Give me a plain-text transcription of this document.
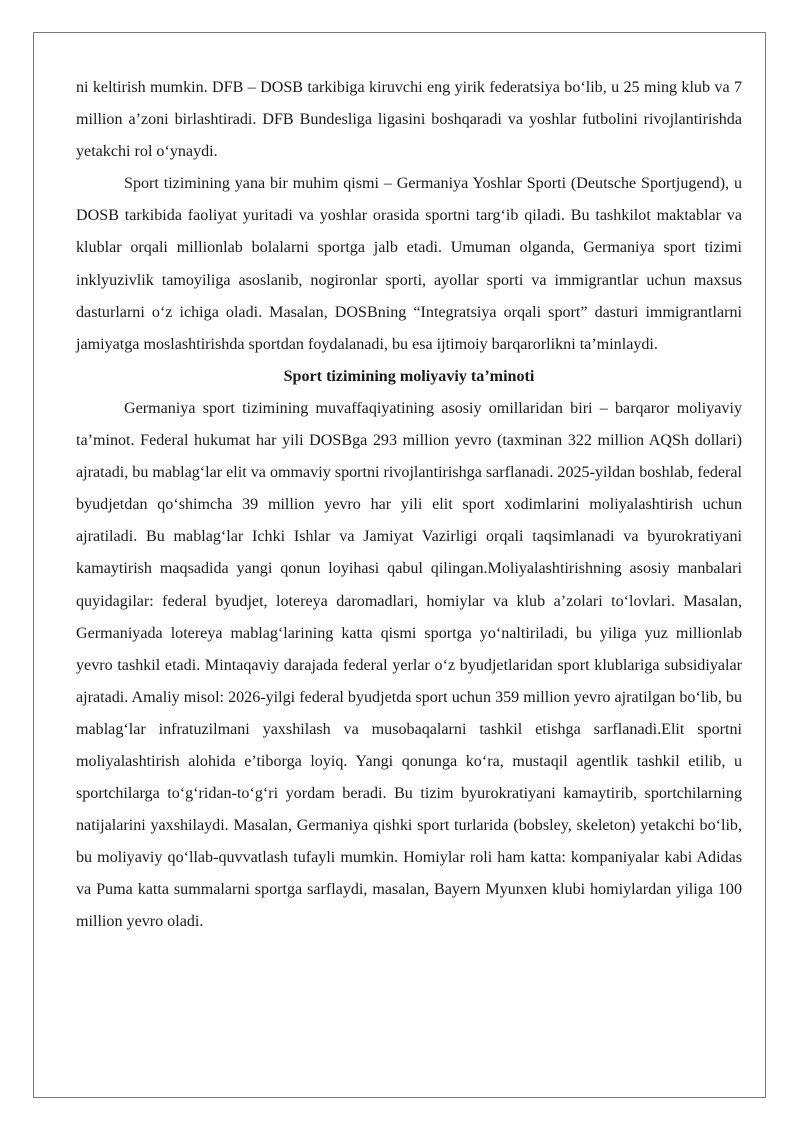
ni keltirish mumkin. DFB – DOSB tarkibiga kiruvchi eng yirik federatsiya bo‘lib, u 25 ming klub va 7 million a’zoni birlashtiradi. DFB Bundesliga ligasini boshqaradi va yoshlar futbolini rivojlantirishda yetakchi rol o‘ynaydi.

Sport tizimining yana bir muhim qismi – Germaniya Yoshlar Sporti (Deutsche Sportjugend), u DOSB tarkibida faoliyat yuritadi va yoshlar orasida sportni targ‘ib qiladi. Bu tashkilot maktablar va klublar orqali millionlab bolalarni sportga jalb etadi. Umuman olganda, Germaniya sport tizimi inklyuzivlik tamoyiliga asoslanib, nogironlar sporti, ayollar sporti va immigrantlar uchun maxsus dasturlarni o‘z ichiga oladi. Masalan, DOSBning “Integratsiya orqali sport” dasturi immigrantlarni jamiyatga moslashtirishda sportdan foydalanadi, bu esa ijtimoiy barqarorlikni ta’minlaydi.

Sport tizimining moliyaviy ta’minoti

Germaniya sport tizimining muvaffaqiyatining asosiy omillaridan biri – barqaror moliyaviy ta’minot. Federal hukumat har yili DOSBga 293 million yevro (taxminan 322 million AQSh dollari) ajratadi, bu mablag‘lar elit va ommaviy sportni rivojlantirishga sarflanadi. 2025-yildan boshlab, federal byudjetdan qo‘shimcha 39 million yevro har yili elit sport xodimlarini moliyalashtirish uchun ajratiladi. Bu mablag‘lar Ichki Ishlar va Jamiyat Vazirligi orqali taqsimlanadi va byurokratiyani kamaytirish maqsadida yangi qonun loyihasi qabul qilingan.Moliyalashtirishning asosiy manbalari quyidagilar: federal byudjet, lotereya daromadlari, homiylar va klub a’zolari to‘lovlari. Masalan, Germaniyada lotereya mablag‘larining katta qismi sportga yo‘naltiriladi, bu yiliga yuz millionlab yevro tashkil etadi. Mintaqaviy darajada federal yerlar o‘z byudjetlaridan sport klublariga subsidiyalar ajratadi. Amaliy misol: 2026-yilgi federal byudjetda sport uchun 359 million yevro ajratilgan bo‘lib, bu mablag‘lar infratuzilmani yaxshilash va musobaqalarni tashkil etishga sarflanadi.Elit sportni moliyalashtirish alohida e’tiborga loyiq. Yangi qonunga ko‘ra, mustaqil agentlik tashkil etilib, u sportchilarga to‘g‘ridan-to‘g‘ri yordam beradi. Bu tizim byurokratiyani kamaytirib, sportchilarning natijalarini yaxshilaydi. Masalan, Germaniya qishki sport turlarida (bobsley, skeleton) yetakchi bo‘lib, bu moliyaviy qo‘llab-quvvatlash tufayli mumkin. Homiylar roli ham katta: kompaniyalar kabi Adidas va Puma katta summalarni sportga sarflaydi, masalan, Bayern Myunxen klubi homiylardan yiliga 100 million yevro oladi.
